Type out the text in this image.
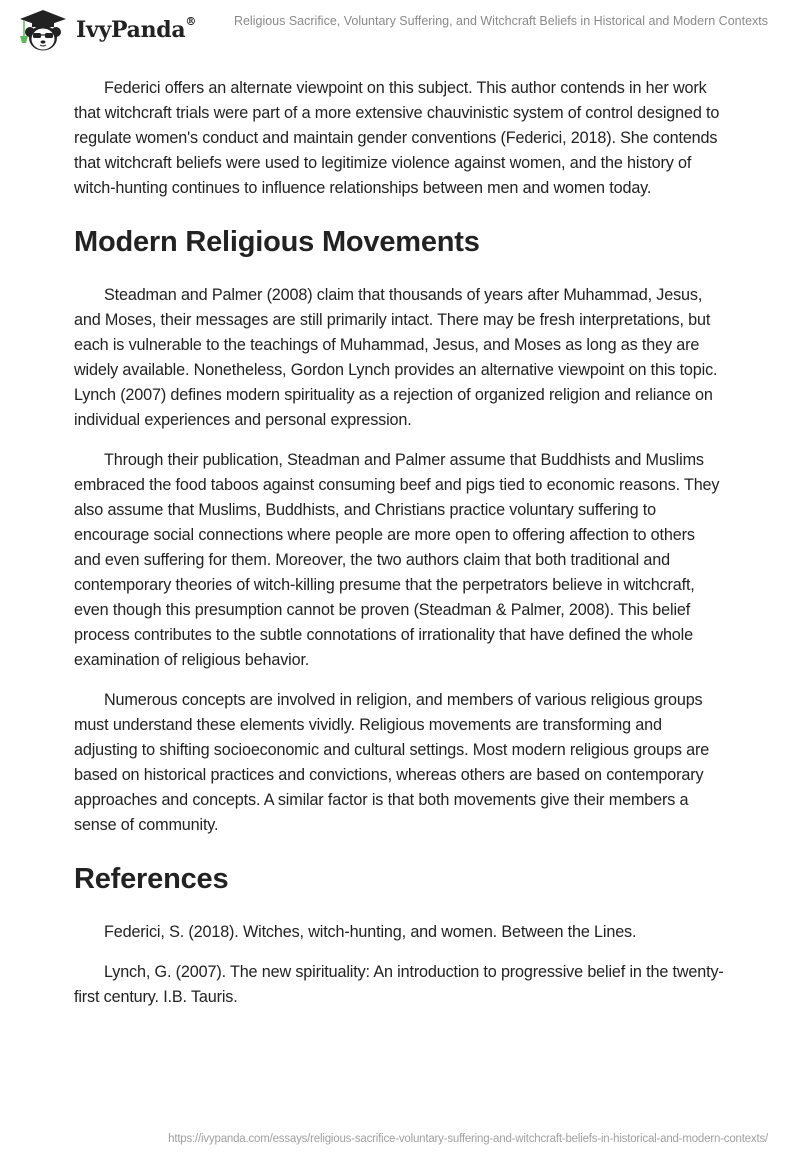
IvyPanda®	Religious Sacrifice, Voluntary Suffering, and Witchcraft Beliefs in Historical and Modern Contexts

Federici offers an alternate viewpoint on this subject. This author contends in her work that witchcraft trials were part of a more extensive chauvinistic system of control designed to regulate women's conduct and maintain gender conventions (Federici, 2018). She contends that witchcraft beliefs were used to legitimize violence against women, and the history of witch-hunting continues to influence relationships between men and women today.

Modern Religious Movements

Steadman and Palmer (2008) claim that thousands of years after Muhammad, Jesus, and Moses, their messages are still primarily intact. There may be fresh interpretations, but each is vulnerable to the teachings of Muhammad, Jesus, and Moses as long as they are widely available. Nonetheless, Gordon Lynch provides an alternative viewpoint on this topic. Lynch (2007) defines modern spirituality as a rejection of organized religion and reliance on individual experiences and personal expression.

Through their publication, Steadman and Palmer assume that Buddhists and Muslims embraced the food taboos against consuming beef and pigs tied to economic reasons. They also assume that Muslims, Buddhists, and Christians practice voluntary suffering to encourage social connections where people are more open to offering affection to others and even suffering for them. Moreover, the two authors claim that both traditional and contemporary theories of witch-killing presume that the perpetrators believe in witchcraft, even though this presumption cannot be proven (Steadman & Palmer, 2008). This belief process contributes to the subtle connotations of irrationality that have defined the whole examination of religious behavior.

Numerous concepts are involved in religion, and members of various religious groups must understand these elements vividly. Religious movements are transforming and adjusting to shifting socioeconomic and cultural settings. Most modern religious groups are based on historical practices and convictions, whereas others are based on contemporary approaches and concepts. A similar factor is that both movements give their members a sense of community.

References

Federici, S. (2018). Witches, witch-hunting, and women. Between the Lines.

Lynch, G. (2007). The new spirituality: An introduction to progressive belief in the twenty-first century. I.B. Tauris.

https://ivypanda.com/essays/religious-sacrifice-voluntary-suffering-and-witchcraft-beliefs-in-historical-and-modern-contexts/
